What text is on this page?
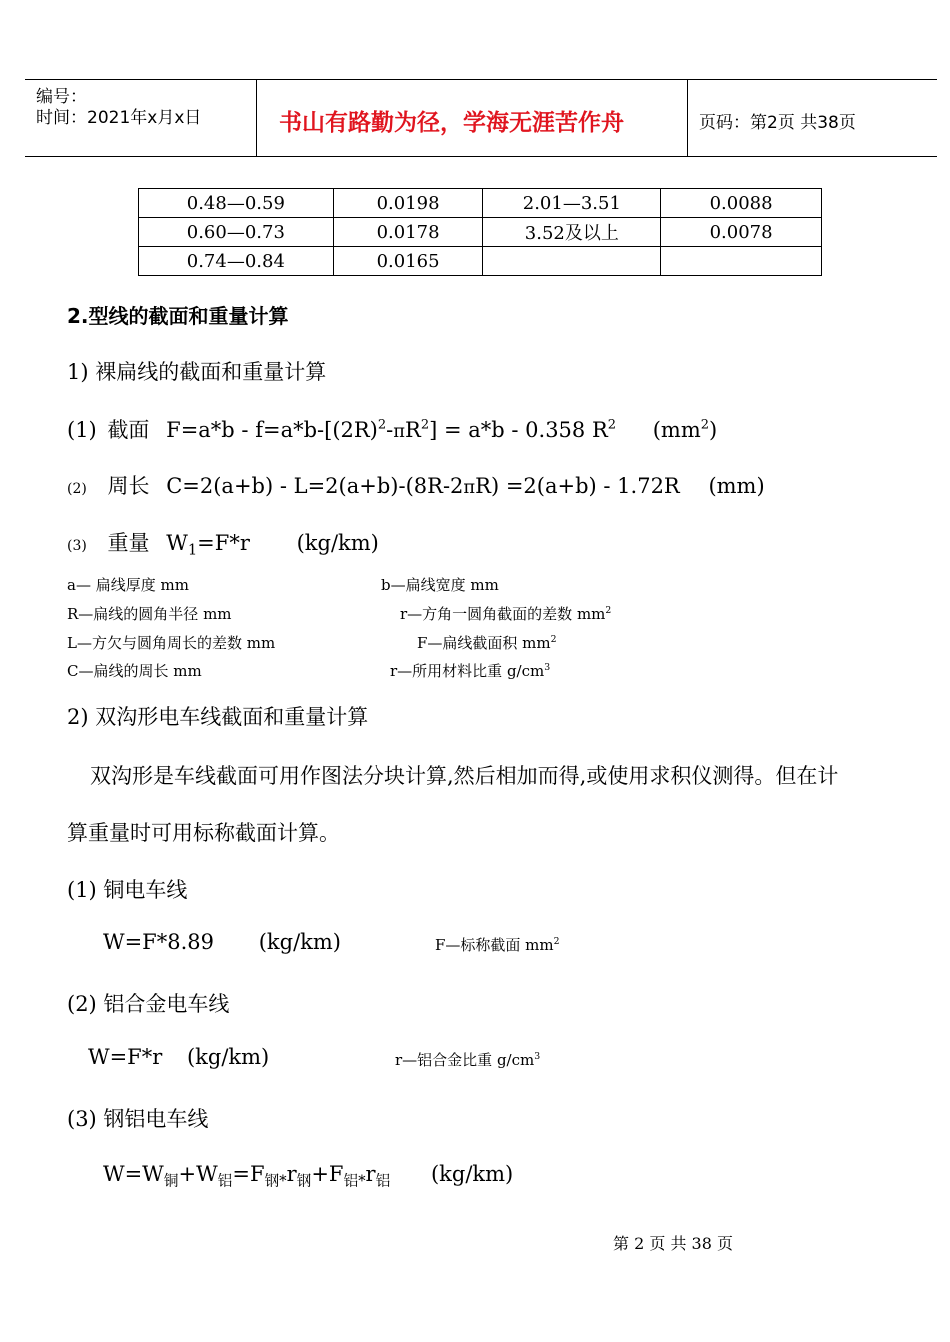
编号：
时间：2021年x月x日	书山有路勤为径，学海无涯苦作舟	页码：第2页 共38页
0.48—0.59	0.0198	2.01—3.51	0.0088
0.60—0.73	0.0178	3.52及以上	0.0078
0.74—0.84	0.0165		
2.型线的截面和重量计算
1) 裸扁线的截面和重量计算
(1) 截面 $F=a*b - f=a*b-[(2R)^2-\pi R^2] = a*b - 0.358$ $R^2$ $(mm^2)$
(2) 周长 C=2(a+b) - L=2(a+b)-(8R-2πR) =2(a+b) - 1.72R (mm)
(3) 重量 $W_1=F*r$ (kg/km)
a— 扁线厚度 mm	b—扁线宽度 mm
R—扁线的圆角半径 mm	r—方角一圆角截面的差数 $mm^2$
L—方欠与圆角周长的差数 mm	F—扁线截面积 $mm^2$
C—扁线的周长 mm	r—所用材料比重 $g/cm^3$
2) 双沟形电车线截面和重量计算
双沟形是车线截面可用作图法分块计算,然后相加而得,或使用求积仪测得。但在计
算重量时可用标称截面计算。
(1) 铜电车线
W=F*8.89 (kg/km)	F—标称截面 $mm^2$
(2) 铝合金电车线
W=F*r (kg/km)	r—铝合金比重 $g/cm^3$
(3) 钢铝电车线
$W=W_铜+W_铝=F_{钢*}r_钢+F_{铝*}r_铝$ (kg/km)
第 2 页 共 38 页
